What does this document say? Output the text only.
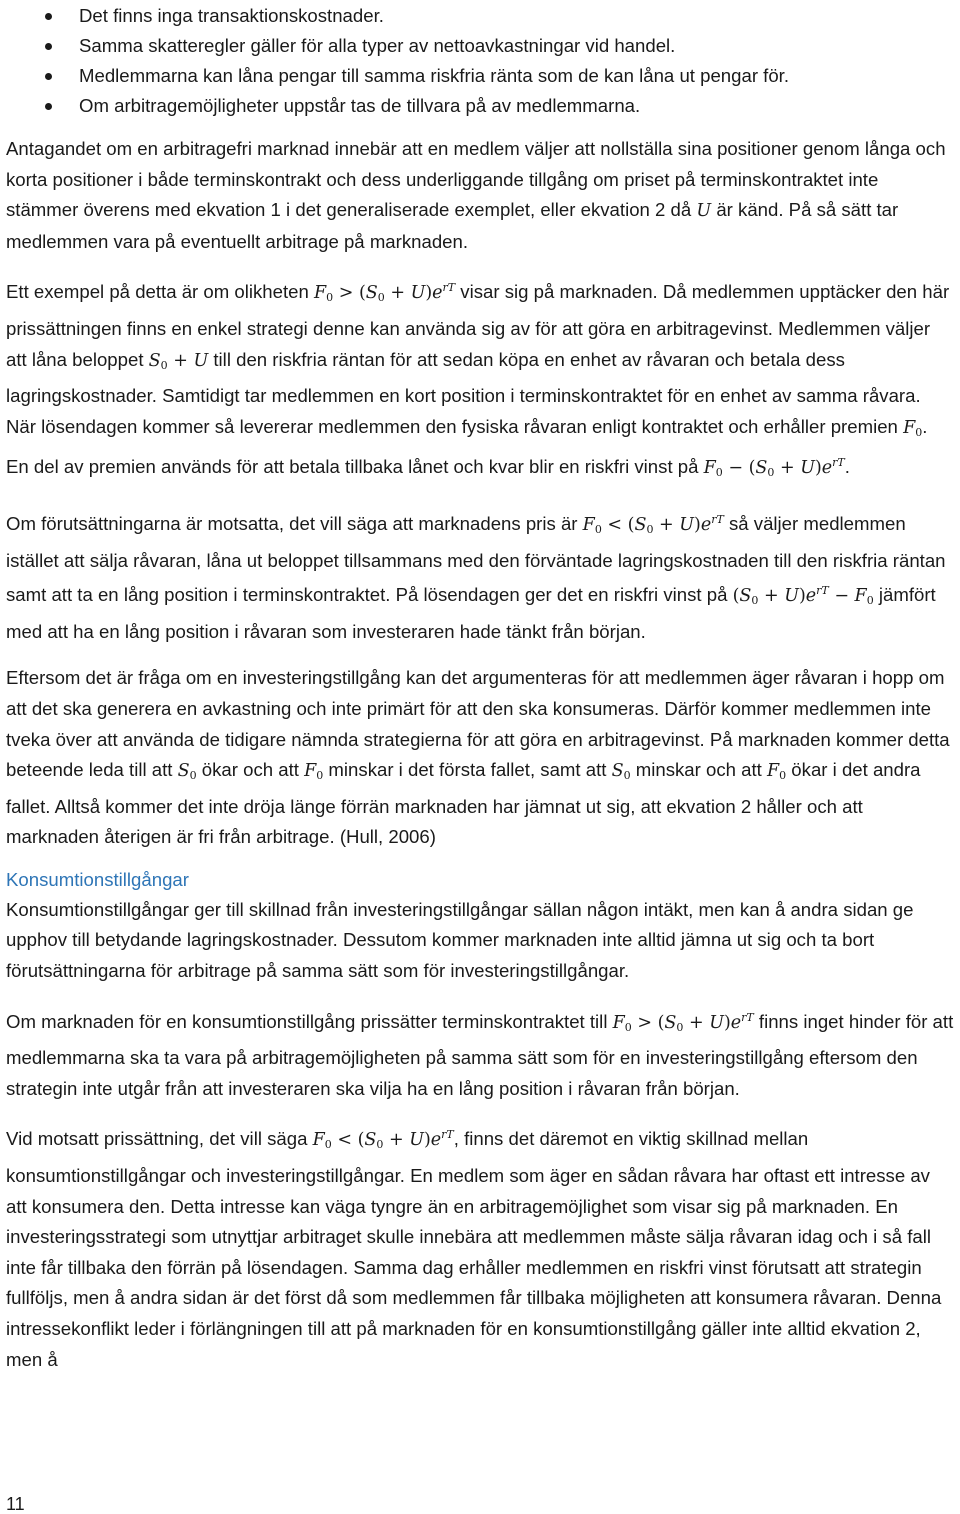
Det finns inga transaktionskostnader.
Samma skatteregler gäller för alla typer av nettoavkastningar vid handel.
Medlemmarna kan låna pengar till samma riskfria ränta som de kan låna ut pengar för.
Om arbitragemöjligheter uppstår tas de tillvara på av medlemmarna.

Antagandet om en arbitragefri marknad innebär att en medlem väljer att nollställa sina positioner genom långa och korta positioner i både terminskontrakt och dess underliggande tillgång om priset på terminskontraktet inte stämmer överens med ekvation 1 i det generaliserade exemplet, eller ekvation 2 då U är känd. På så sätt tar medlemmen vara på eventuellt arbitrage på marknaden.

Ett exempel på detta är om olikheten $F_0 > (S_0 + U)e^{rT}$ visar sig på marknaden. Då medlemmen upptäcker den här prissättningen finns en enkel strategi denne kan använda sig av för att göra en arbitragevinst. Medlemmen väljer att låna beloppet $S_0 + U$ till den riskfria räntan för att sedan köpa en enhet av råvaran och betala dess lagringskostnader. Samtidigt tar medlemmen en kort position i terminskontraktet för en enhet av samma råvara. När lösendagen kommer så levererar medlemmen den fysiska råvaran enligt kontraktet och erhåller premien $F_0$. En del av premien används för att betala tillbaka lånet och kvar blir en riskfri vinst på $F_0 - (S_0 + U)e^{rT}$.

Om förutsättningarna är motsatta, det vill säga att marknadens pris är $F_0 < (S_0 + U)e^{rT}$ så väljer medlemmen istället att sälja råvaran, låna ut beloppet tillsammans med den förväntade lagringskostnaden till den riskfria räntan samt att ta en lång position i terminskontraktet. På lösendagen ger det en riskfri vinst på $(S_0 + U)e^{rT} - F_0$ jämfört med att ha en lång position i råvaran som investeraren hade tänkt från början.

Eftersom det är fråga om en investeringstillgång kan det argumenteras för att medlemmen äger råvaran i hopp om att det ska generera en avkastning och inte primärt för att den ska konsumeras. Därför kommer medlemmen inte tveka över att använda de tidigare nämnda strategierna för att göra en arbitragevinst. På marknaden kommer detta beteende leda till att $S_0$ ökar och att $F_0$ minskar i det första fallet, samt att $S_0$ minskar och att $F_0$ ökar i det andra fallet. Alltså kommer det inte dröja länge förrän marknaden har jämnat ut sig, att ekvation 2 håller och att marknaden återigen är fri från arbitrage. (Hull, 2006)

Konsumtionstillgångar

Konsumtionstillgångar ger till skillnad från investeringstillgångar sällan någon intäkt, men kan å andra sidan ge upphov till betydande lagringskostnader. Dessutom kommer marknaden inte alltid jämna ut sig och ta bort förutsättningarna för arbitrage på samma sätt som för investeringstillgångar.

Om marknaden för en konsumtionstillgång prissätter terminskontraktet till $F_0 > (S_0 + U)e^{rT}$ finns inget hinder för att medlemmarna ska ta vara på arbitragemöjligheten på samma sätt som för en investeringstillgång eftersom den strategin inte utgår från att investeraren ska vilja ha en lång position i råvaran från början.

Vid motsatt prissättning, det vill säga $F_0 < (S_0 + U)e^{rT}$, finns det däremot en viktig skillnad mellan konsumtionstillgångar och investeringstillgångar. En medlem som äger en sådan råvara har oftast ett intresse av att konsumera den. Detta intresse kan väga tyngre än en arbitragemöjlighet som visar sig på marknaden. En investeringsstrategi som utnyttjar arbitraget skulle innebära att medlemmen måste sälja råvaran idag och i så fall inte får tillbaka den förrän på lösendagen. Samma dag erhåller medlemmen en riskfri vinst förutsatt att strategin fullföljs, men å andra sidan är det först då som medlemmen får tillbaka möjligheten att konsumera råvaran. Denna intressekonflikt leder i förlängningen till att på marknaden för en konsumtionstillgång gäller inte alltid ekvation 2, men å

11
